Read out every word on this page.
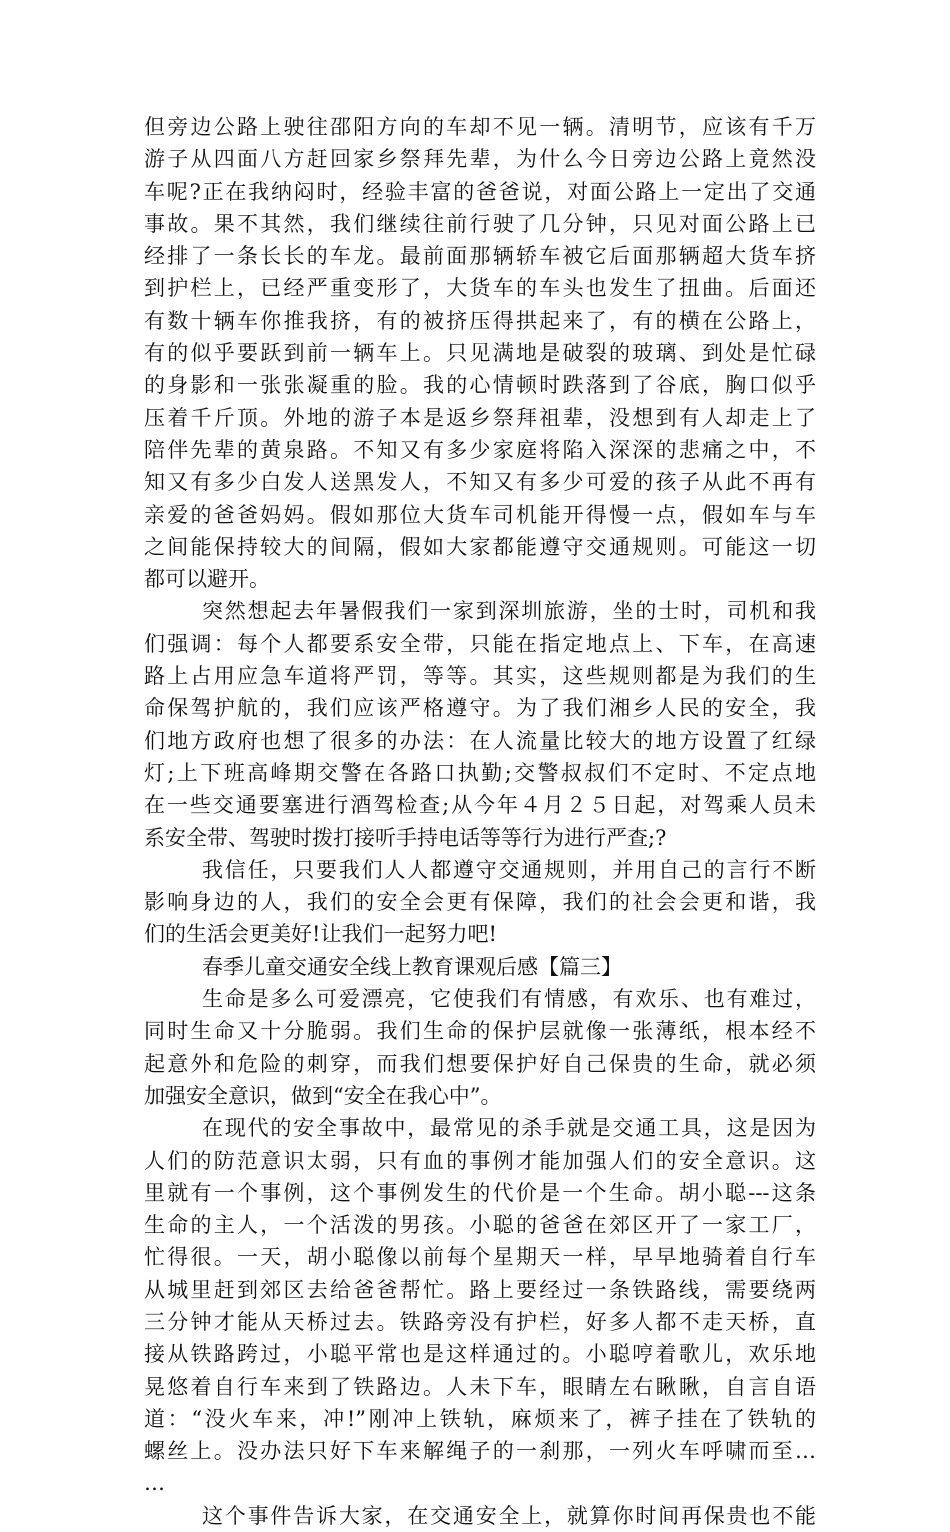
但旁边公路上驶往邵阳方向的车却不见一辆。清明节，应该有千万
游子从四面八方赶回家乡祭拜先辈，为什么今日旁边公路上竟然没
车呢?正在我纳闷时，经验丰富的爸爸说，对面公路上一定出了交通
事故。果不其然，我们继续往前行驶了几分钟，只见对面公路上已
经排了一条长长的车龙。最前面那辆轿车被它后面那辆超大货车挤
到护栏上，已经严重变形了，大货车的车头也发生了扭曲。后面还
有数十辆车你推我挤，有的被挤压得拱起来了，有的横在公路上，
有的似乎要跃到前一辆车上。只见满地是破裂的玻璃、到处是忙碌
的身影和一张张凝重的脸。我的心情顿时跌落到了谷底，胸口似乎
压着千斤顶。外地的游子本是返乡祭拜祖辈，没想到有人却走上了
陪伴先辈的黄泉路。不知又有多少家庭将陷入深深的悲痛之中，不
知又有多少白发人送黑发人，不知又有多少可爱的孩子从此不再有
亲爱的爸爸妈妈。假如那位大货车司机能开得慢一点，假如车与车
之间能保持较大的间隔，假如大家都能遵守交通规则。可能这一切
都可以避开。
突然想起去年暑假我们一家到深圳旅游，坐的士时，司机和我
们强调：每个人都要系安全带，只能在指定地点上、下车，在高速
路上占用应急车道将严罚，等等。其实，这些规则都是为我们的生
命保驾护航的，我们应该严格遵守。为了我们湘乡人民的安全，我
们地方政府也想了很多的办法：在人流量比较大的地方设置了红绿
灯;上下班高峰期交警在各路口执勤;交警叔叔们不定时、不定点地
在一些交通要塞进行酒驾检查;从今年４月２５日起，对驾乘人员未
系安全带、驾驶时拨打接听手持电话等等行为进行严查;?
我信任，只要我们人人都遵守交通规则，并用自己的言行不断
影响身边的人，我们的安全会更有保障，我们的社会会更和谐，我
们的生活会更美好!让我们一起努力吧!
春季儿童交通安全线上教育课观后感【篇三】
生命是多么可爱漂亮，它使我们有情感，有欢乐、也有难过，
同时生命又十分脆弱。我们生命的保护层就像一张薄纸，根本经不
起意外和危险的刺穿，而我们想要保护好自己保贵的生命，就必须
加强安全意识，做到“安全在我心中”。
在现代的安全事故中，最常见的杀手就是交通工具，这是因为
人们的防范意识太弱，只有血的事例才能加强人们的安全意识。这
里就有一个事例，这个事例发生的代价是一个生命。胡小聪---这条
生命的主人，一个活泼的男孩。小聪的爸爸在郊区开了一家工厂，
忙得很。一天，胡小聪像以前每个星期天一样，早早地骑着自行车
从城里赶到郊区去给爸爸帮忙。路上要经过一条铁路线，需要绕两
三分钟才能从天桥过去。铁路旁没有护栏，好多人都不走天桥，直
接从铁路跨过，小聪平常也是这样通过的。小聪哼着歌儿，欢乐地
晃悠着自行车来到了铁路边。人未下车，眼睛左右瞅瞅，自言自语
道：“没火车来，冲!”刚冲上铁轨，麻烦来了，裤子挂在了铁轨的
螺丝上。没办法只好下车来解绳子的一刹那，一列火车呼啸而至…
…
这个事件告诉大家，在交通安全上，就算你时间再保贵也不能
